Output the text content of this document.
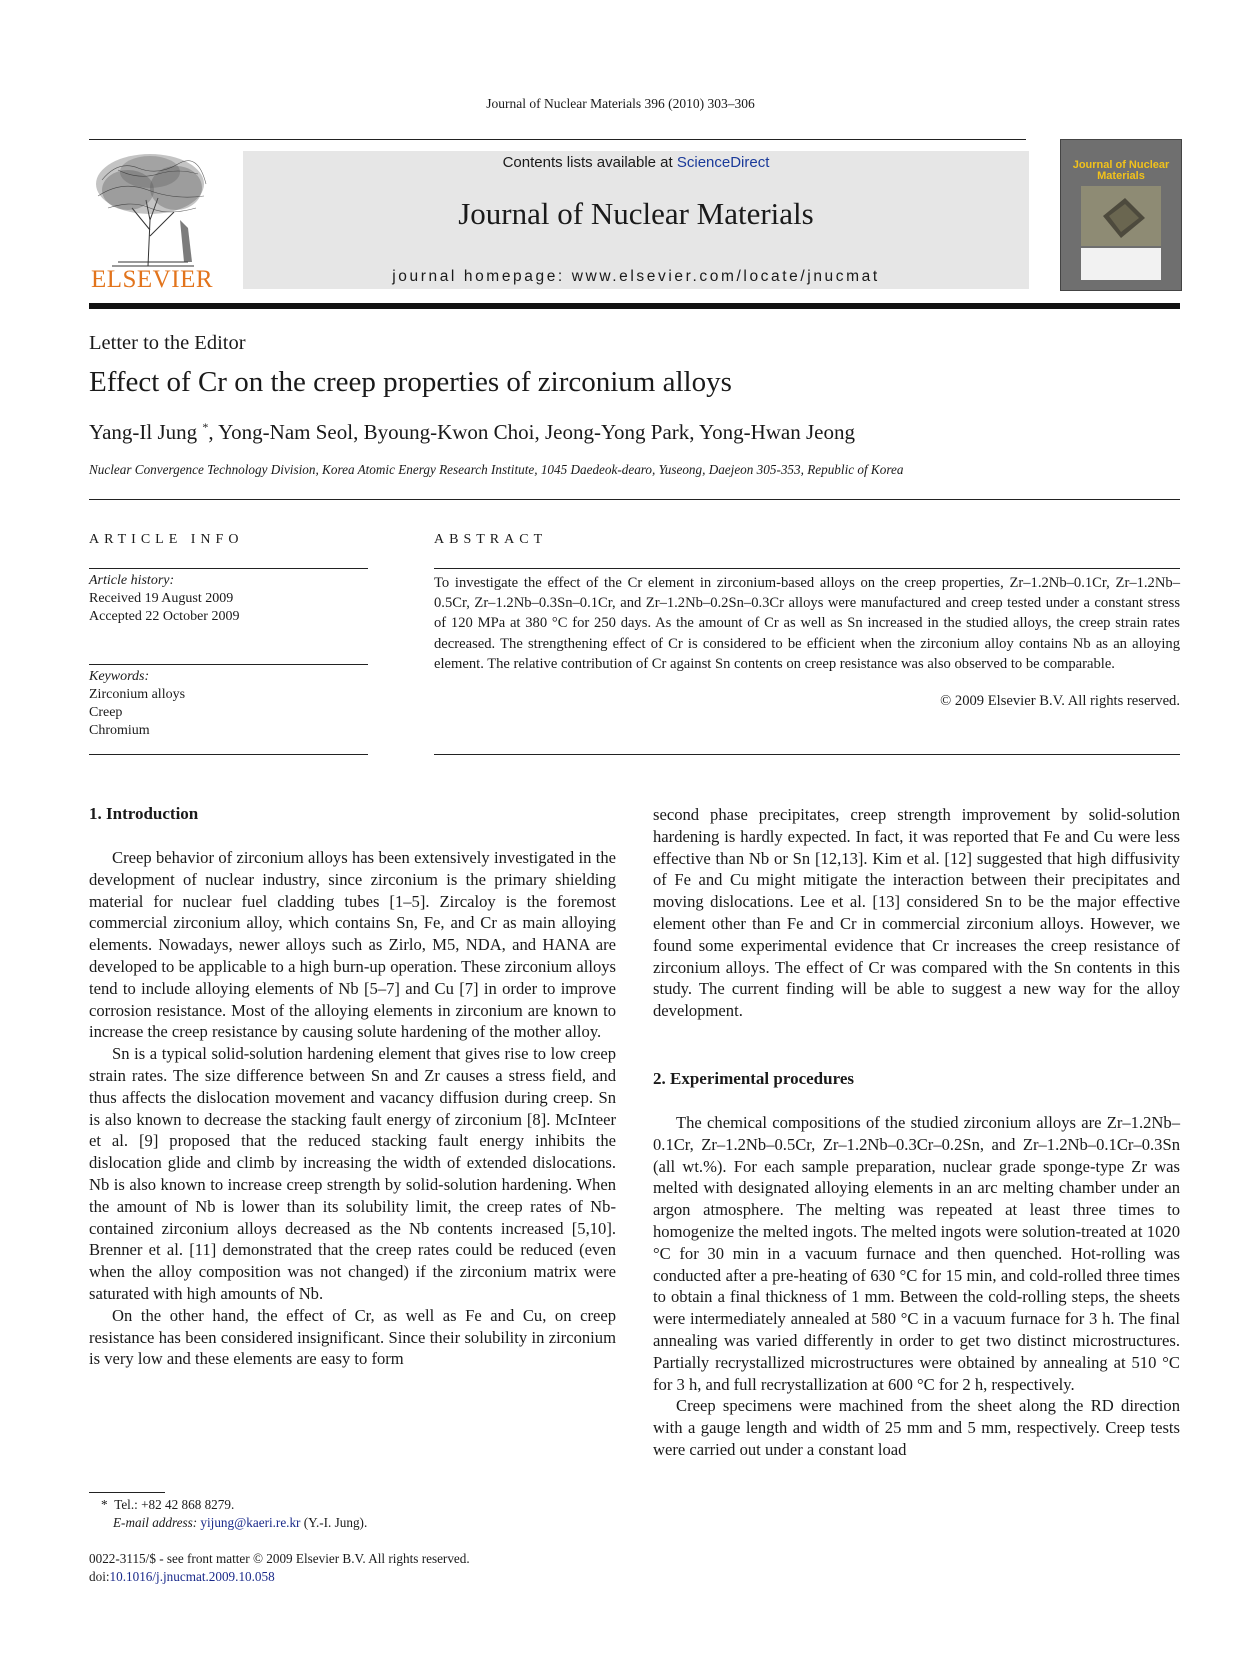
Journal of Nuclear Materials 396 (2010) 303–306
ELSEVIER
Contents lists available at ScienceDirect
Journal of Nuclear Materials
journal homepage: www.elsevier.com/locate/jnucmat
Journal of Nuclear Materials
Letter to the Editor
Effect of Cr on the creep properties of zirconium alloys
Yang-Il Jung *, Yong-Nam Seol, Byoung-Kwon Choi, Jeong-Yong Park, Yong-Hwan Jeong
Nuclear Convergence Technology Division, Korea Atomic Energy Research Institute, 1045 Daedeok-dearo, Yuseong, Daejeon 305-353, Republic of Korea
ARTICLE INFO
Article history:
Received 19 August 2009
Accepted 22 October 2009
Keywords:
Zirconium alloys
Creep
Chromium
ABSTRACT
To investigate the effect of the Cr element in zirconium-based alloys on the creep properties, Zr–1.2Nb–0.1Cr, Zr–1.2Nb–0.5Cr, Zr–1.2Nb–0.3Sn–0.1Cr, and Zr–1.2Nb–0.2Sn–0.3Cr alloys were manufactured and creep tested under a constant stress of 120 MPa at 380 °C for 250 days. As the amount of Cr as well as Sn increased in the studied alloys, the creep strain rates decreased. The strengthening effect of Cr is considered to be efficient when the zirconium alloy contains Nb as an alloying element. The relative contribution of Cr against Sn contents on creep resistance was also observed to be comparable.
© 2009 Elsevier B.V. All rights reserved.
1. Introduction

Creep behavior of zirconium alloys has been extensively investigated in the development of nuclear industry, since zirconium is the primary shielding material for nuclear fuel cladding tubes [1–5]. Zircaloy is the foremost commercial zirconium alloy, which contains Sn, Fe, and Cr as main alloying elements. Nowadays, newer alloys such as Zirlo, M5, NDA, and HANA are developed to be applicable to a high burn-up operation. These zirconium alloys tend to include alloying elements of Nb [5–7] and Cu [7] in order to improve corrosion resistance. Most of the alloying elements in zirconium are known to increase the creep resistance by causing solute hardening of the mother alloy.

Sn is a typical solid-solution hardening element that gives rise to low creep strain rates. The size difference between Sn and Zr causes a stress field, and thus affects the dislocation movement and vacancy diffusion during creep. Sn is also known to decrease the stacking fault energy of zirconium [8]. McInteer et al. [9] proposed that the reduced stacking fault energy inhibits the dislocation glide and climb by increasing the width of extended dislocations. Nb is also known to increase creep strength by solid-solution hardening. When the amount of Nb is lower than its solubility limit, the creep rates of Nb-contained zirconium alloys decreased as the Nb contents increased [5,10]. Brenner et al. [11] demonstrated that the creep rates could be reduced (even when the alloy composition was not changed) if the zirconium matrix were saturated with high amounts of Nb.

On the other hand, the effect of Cr, as well as Fe and Cu, on creep resistance has been considered insignificant. Since their solubility in zirconium is very low and these elements are easy to form

* Tel.: +82 42 868 8279.
E-mail address: yijung@kaeri.re.kr (Y.-I. Jung).
0022-3115/$ - see front matter © 2009 Elsevier B.V. All rights reserved.
doi:10.1016/j.jnucmat.2009.10.058

second phase precipitates, creep strength improvement by solid-solution hardening is hardly expected. In fact, it was reported that Fe and Cu were less effective than Nb or Sn [12,13]. Kim et al. [12] suggested that high diffusivity of Fe and Cu might mitigate the interaction between their precipitates and moving dislocations. Lee et al. [13] considered Sn to be the major effective element other than Fe and Cr in commercial zirconium alloys. However, we found some experimental evidence that Cr increases the creep resistance of zirconium alloys. The effect of Cr was compared with the Sn contents in this study. The current finding will be able to suggest a new way for the alloy development.

2. Experimental procedures

The chemical compositions of the studied zirconium alloys are Zr–1.2Nb–0.1Cr, Zr–1.2Nb–0.5Cr, Zr–1.2Nb–0.3Cr–0.2Sn, and Zr–1.2Nb–0.1Cr–0.3Sn (all wt.%). For each sample preparation, nuclear grade sponge-type Zr was melted with designated alloying elements in an arc melting chamber under an argon atmosphere. The melting was repeated at least three times to homogenize the melted ingots. The melted ingots were solution-treated at 1020 °C for 30 min in a vacuum furnace and then quenched. Hot-rolling was conducted after a pre-heating of 630 °C for 15 min, and cold-rolled three times to obtain a final thickness of 1 mm. Between the cold-rolling steps, the sheets were intermediately annealed at 580 °C in a vacuum furnace for 3 h. The final annealing was varied differently in order to get two distinct microstructures. Partially recrystallized microstructures were obtained by annealing at 510 °C for 3 h, and full recrystallization at 600 °C for 2 h, respectively.

Creep specimens were machined from the sheet along the RD direction with a gauge length and width of 25 mm and 5 mm, respectively. Creep tests were carried out under a constant load
